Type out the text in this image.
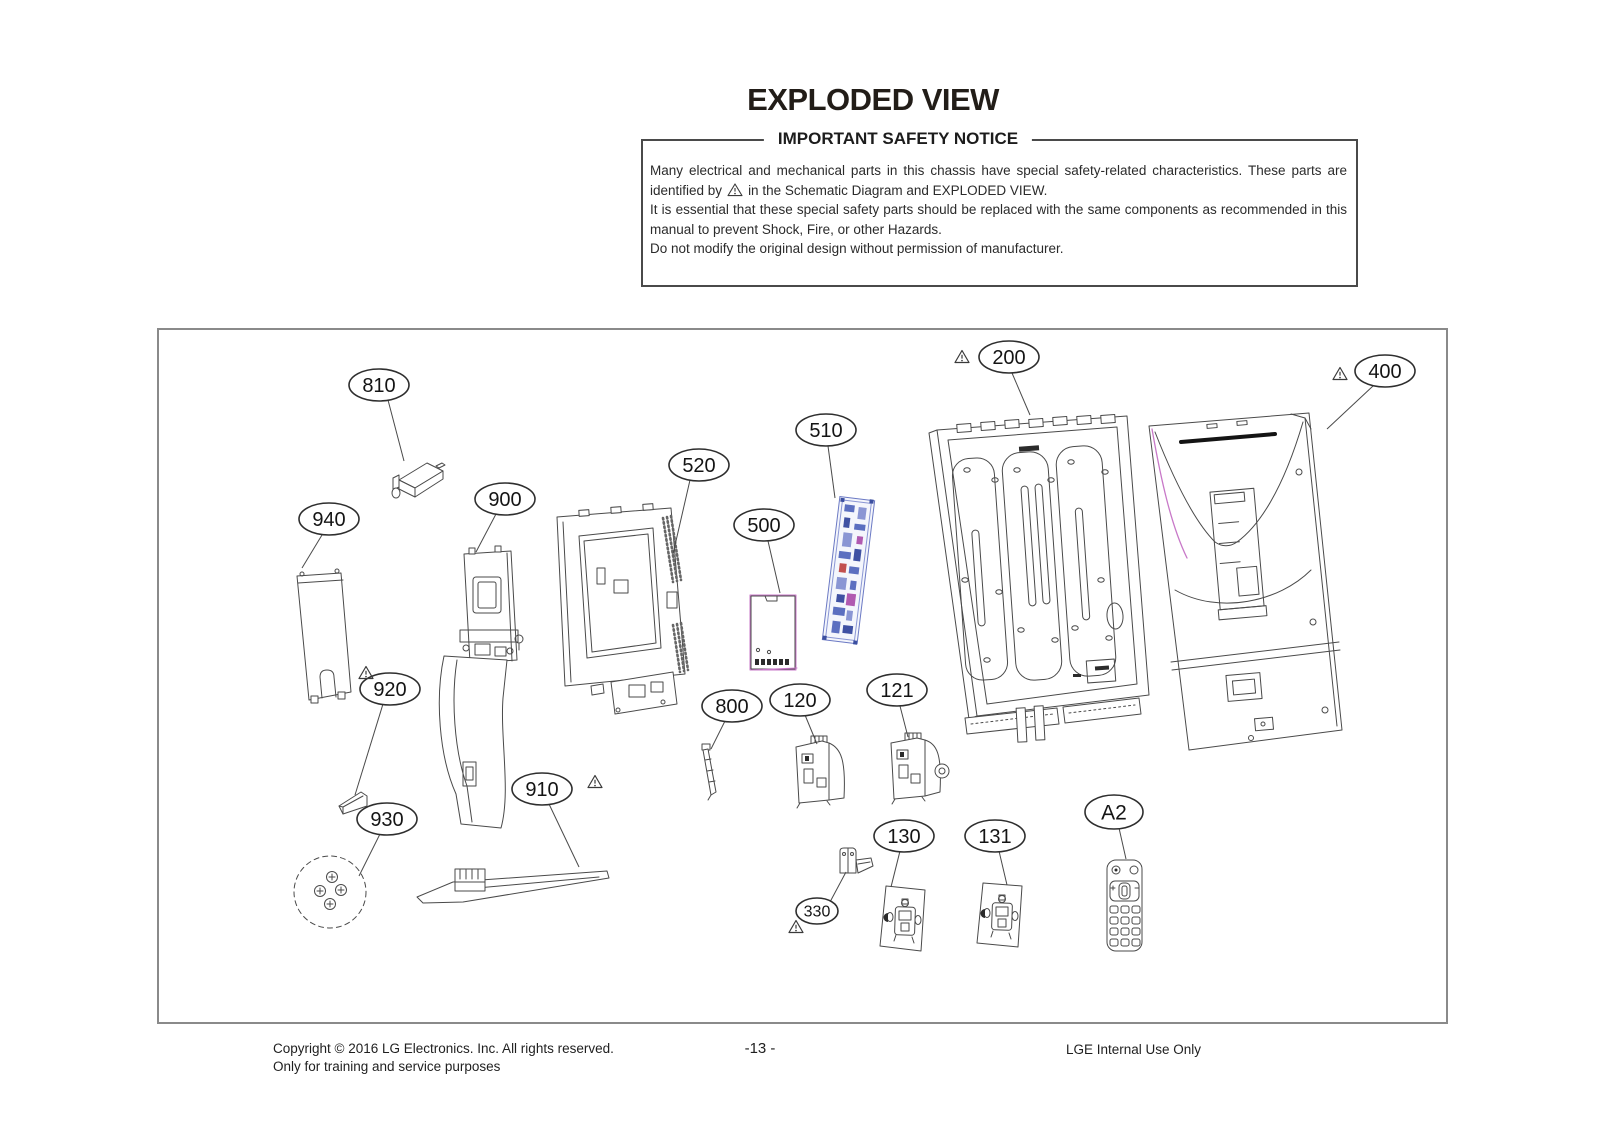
EXPLODED VIEW
IMPORTANT SAFETY NOTICE

Many electrical and mechanical parts in this chassis have special safety-related characteristics. These parts are identified by in the Schematic Diagram and EXPLODED VIEW.

It is essential that these special safety parts should be replaced with the same components as recommended in this manual to prevent Shock, Fire, or other Hazards.

Do not modify the original design without permission of manufacturer.

810
940
900
520
510
500
200
400
920
930
910
800 120	121
130	131
330
A2
Copyright © 2016 LG Electronics. Inc. All rights reserved.
Only for training and service purposes
-13 -	LGE Internal Use Only
